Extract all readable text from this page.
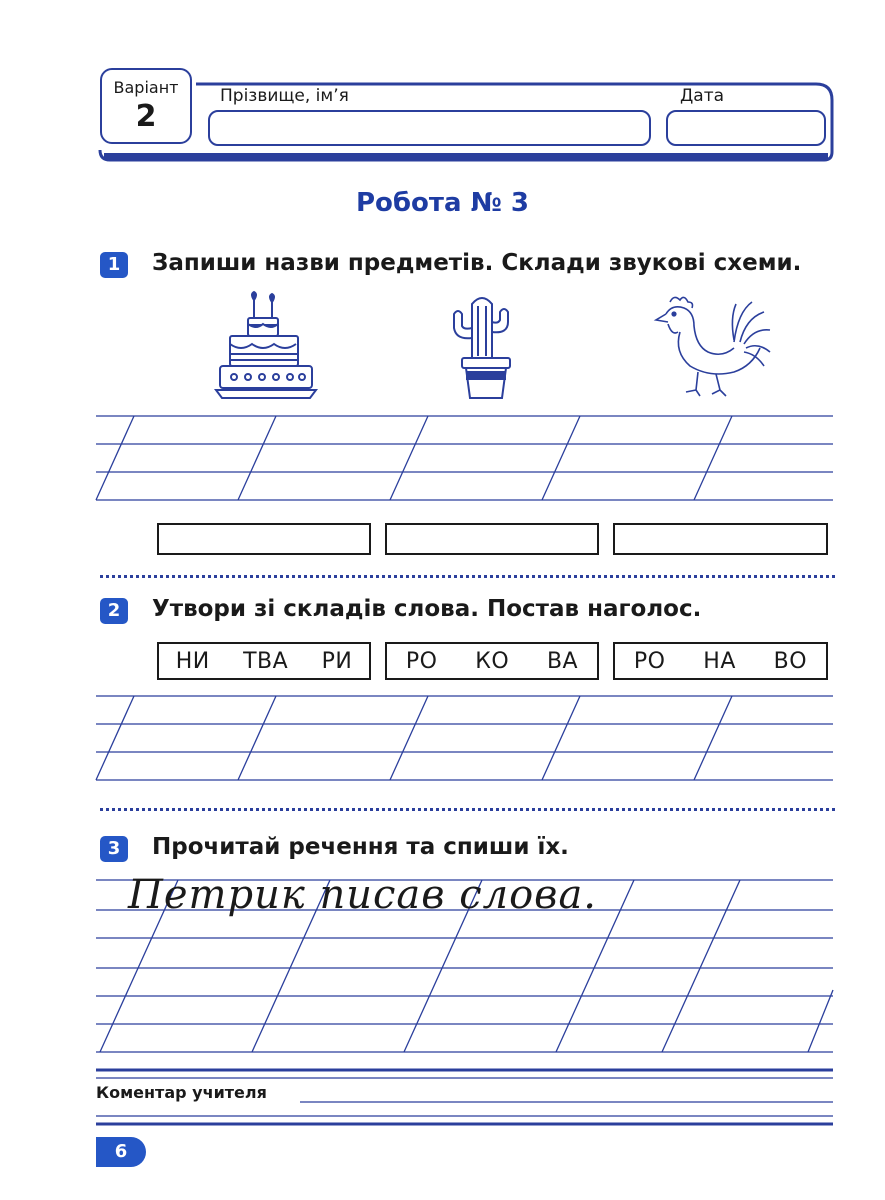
Варіант
2
Прізвище, ім’я	Дата
Робота № 3
1	Запиши назви предметів. Склади звукові схеми.
2	Утвори зі складів слова. Постав наголос.
НИ ТВА РИ РО КО ВА	РО НА ВО
3	Прочитай речення та спиши їх.
Петрик писав слова.
Коментар учителя
6
